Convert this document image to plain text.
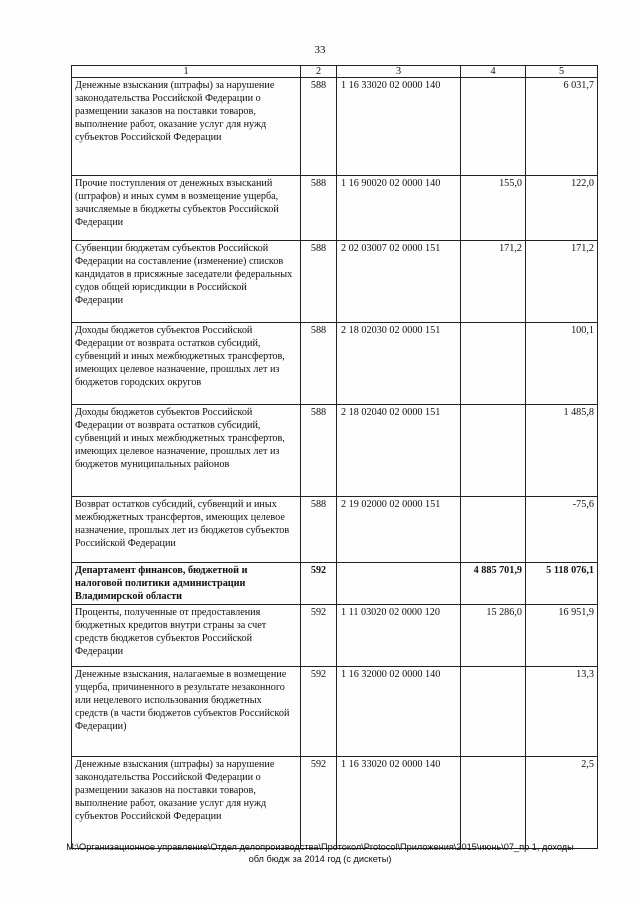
33
1	2	3	4	5
Денежные взыскания (штрафы) за нарушение законодательства Российской Федерации о размещении заказов на поставки товаров, выполнение работ, оказание услуг для нужд субъектов Российской Федерации	588	1 16 33020 02 0000 140		6 031,7
Прочие поступления от денежных взысканий (штрафов) и иных сумм в возмещение ущерба, зачисляемые в бюджеты субъектов Российской Федерации	588	1 16 90020 02 0000 140	155,0	122,0
Субвенции бюджетам субъектов Российской Федерации на составление (изменение) списков кандидатов в присяжные заседатели федеральных судов общей юрисдикции в Российской Федерации	588	2 02 03007 02 0000 151	171,2	171,2
Доходы бюджетов субъектов Российской Федерации от возврата остатков субсидий, субвенций и иных межбюджетных трансфертов, имеющих целевое назначение, прошлых лет из бюджетов городских округов	588	2 18 02030 02 0000 151		100,1
Доходы бюджетов субъектов Российской Федерации от возврата остатков субсидий, субвенций и иных межбюджетных трансфертов, имеющих целевое назначение, прошлых лет из бюджетов муниципальных районов	588	2 18 02040 02 0000 151		1 485,8
Возврат остатков субсидий, субвенций и иных межбюджетных трансфертов, имеющих целевое назначение, прошлых лет из бюджетов субъектов Российской Федерации	588	2 19 02000 02 0000 151		-75,6
Департамент финансов, бюджетной и налоговой политики администрации Владимирской области	592		4 885 701,9	5 118 076,1
Проценты, полученные от предоставления бюджетных кредитов внутри страны за счет средств бюджетов субъектов Российской Федерации	592	1 11 03020 02 0000 120	15 286,0	16 951,9
Денежные взыскания, налагаемые в возмещение ущерба, причиненного в результате незаконного или нецелевого использования бюджетных средств (в части бюджетов субъектов Российской Федерации)	592	1 16 32000 02 0000 140		13,3
Денежные взыскания (штрафы) за нарушение законодательства Российской Федерации о размещении заказов на поставки товаров, выполнение работ, оказание услуг для нужд субъектов Российской Федерации	592	1 16 33020 02 0000 140		2,5
M:\Организационное управление\Отдел делопроизводства\Протокол\Protocol\Приложения\2015\июнь\07_пр 1, доходы
обл бюдж за 2014 год (с дискеты)
